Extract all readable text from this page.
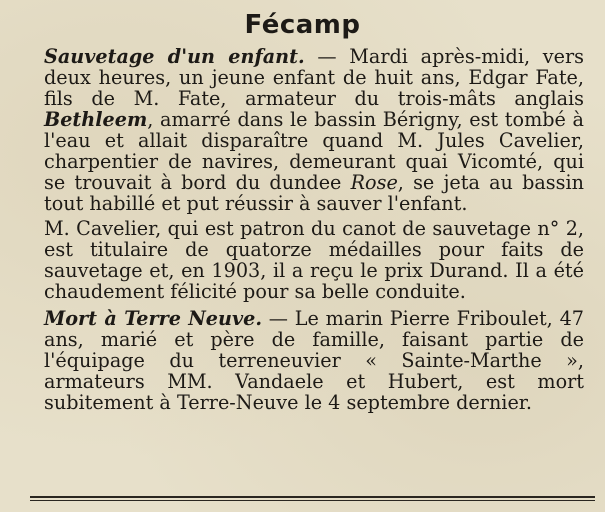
Fécamp

Sauvetage d'un enfant. — Mardi après-midi, vers deux heures, un jeune enfant de huit ans, Edgar Fate, fils de M. Fate, armateur du trois-mâts anglais Bethleem, amarré dans le bassin Bérigny, est tombé à l'eau et allait disparaître quand M. Jules Cavelier, charpentier de navires, demeurant quai Vicomté, qui se trouvait à bord du dundee Rose, se jeta au bassin tout habillé et put réussir à sauver l'enfant.

M. Cavelier, qui est patron du canot de sauvetage n° 2, est titulaire de quatorze médailles pour faits de sauvetage et, en 1903, il a reçu le prix Durand. Il a été chaudement félicité pour sa belle conduite.

Mort à Terre Neuve. — Le marin Pierre Friboulet, 47 ans, marié et père de famille, faisant partie de l'équipage du terreneuvier « Sainte-Marthe », armateurs MM. Vandaele et Hubert, est mort subitement à Terre-Neuve le 4 septembre dernier.
